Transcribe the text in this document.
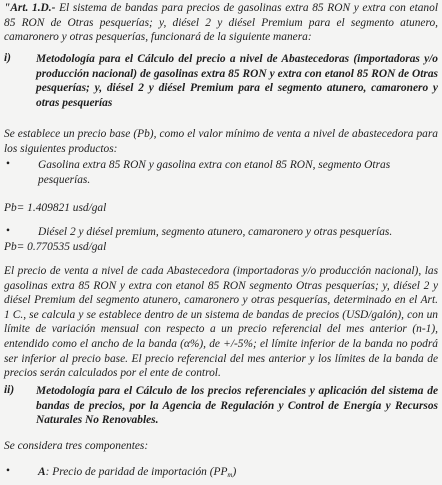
"Art. 1.D.- El sistema de bandas para precios de gasolinas extra 85 RON y extra con etanol 85 RON de Otras pesquerías; y, diésel 2 y diésel Premium para el segmento atunero, camaronero y otras pesquerías, funcionará de la siguiente manera:

i) Metodología para el Cálculo del precio a nivel de Abastecedoras (importadoras y/o producción nacional) de gasolinas extra 85 RON y extra con etanol 85 RON de Otras pesquerías; y, diésel 2 y diésel Premium para el segmento atunero, camaronero y otras pesquerías

Se establece un precio base (Pb), como el valor mínimo de venta a nivel de abastecedora para los siguientes productos:

• Gasolina extra 85 RON y gasolina extra con etanol 85 RON, segmento Otras pesquerías.

Pb= 1.409821 usd/gal

• Diésel 2 y diésel premium, segmento atunero, camaronero y otras pesquerías.

Pb= 0.770535 usd/gal

El precio de venta a nivel de cada Abastecedora (importadoras y/o producción nacional), las gasolinas extra 85 RON y extra con etanol 85 RON segmento Otras pesquerías; y, diésel 2 y diésel Premium del segmento atunero, camaronero y otras pesquerías, determinado en el Art. 1 C., se calcula y se establece dentro de un sistema de bandas de precios (USD/galón), con un límite de variación mensual con respecto a un precio referencial del mes anterior (n-1), entendido como el ancho de la banda (α%), de +/-5%; el límite inferior de la banda no podrá ser inferior al precio base. El precio referencial del mes anterior y los límites de la banda de precios serán calculados por el ente de control.

ii) Metodología para el Cálculo de los precios referenciales y aplicación del sistema de bandas de precios, por la Agencia de Regulación y Control de Energía y Recursos Naturales No Renovables.

Se considera tres componentes:

• A: Precio de paridad de importación $(PP_m)$
